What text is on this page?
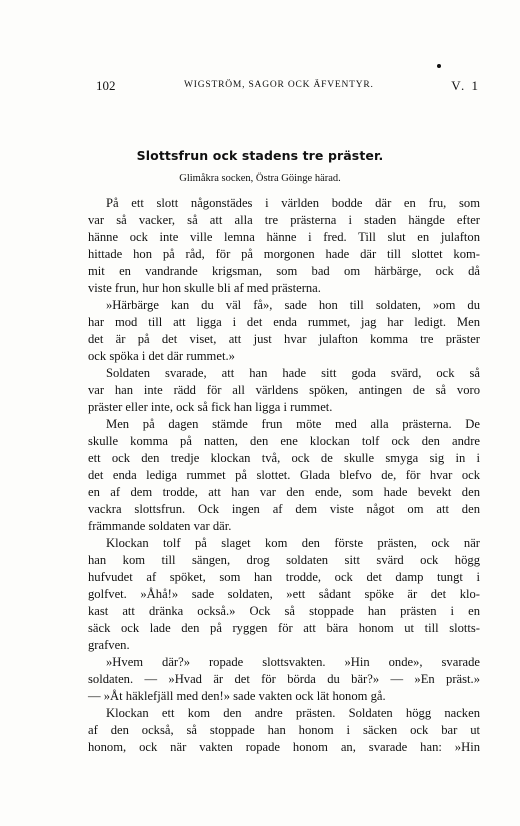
102	WIGSTRÖM, SAGOR OCK ÄFVENTYR.	V. 1
Slottsfrun ock stadens tre präster.

Glimåkra socken, Östra Göinge härad.

På ett slott någonstädes i världen bodde där en fru, som
var så vacker, så att alla tre prästerna i staden hängde efter
hänne ock inte ville lemna hänne i fred. Till slut en julafton
hittade hon på råd, för på morgonen hade där till slottet kom-
mit en vandrande krigsman, som bad om härbärge, ock då
viste frun, hur hon skulle bli af med prästerna.
»Härbärge kan du väl få», sade hon till soldaten, »om du
har mod till att ligga i det enda rummet, jag har ledigt. Men
det är på det viset, att just hvar julafton komma tre präster
ock spöka i det där rummet.»
Soldaten svarade, att han hade sitt goda svärd, ock så
var han inte rädd för all världens spöken, antingen de så voro
präster eller inte, ock så fick han ligga i rummet.
Men på dagen stämde frun möte med alla prästerna. De
skulle komma på natten, den ene klockan tolf ock den andre
ett ock den tredje klockan två, ock de skulle smyga sig in i
det enda lediga rummet på slottet. Glada blefvo de, för hvar ock
en af dem trodde, att han var den ende, som hade bevekt den
vackra slottsfrun. Ock ingen af dem viste något om att den
främmande soldaten var där.
Klockan tolf på slaget kom den förste prästen, ock när
han kom till sängen, drog soldaten sitt svärd ock högg
hufvudet af spöket, som han trodde, ock det damp tungt i
golfvet. »Åhå!» sade soldaten, »ett sådant spöke är det klo-
kast att dränka också.» Ock så stoppade han prästen i en
säck ock lade den på ryggen för att bära honom ut till slotts-
grafven.
»Hvem där?» ropade slottsvakten. »Hin onde», svarade
soldaten. — »Hvad är det för börda du bär?» — »En präst.»
— »Åt häklefjäll med den!» sade vakten ock lät honom gå.
Klockan ett kom den andre prästen. Soldaten högg nacken
af den också, så stoppade han honom i säcken ock bar ut
honom, ock när vakten ropade honom an, svarade han: »Hin
